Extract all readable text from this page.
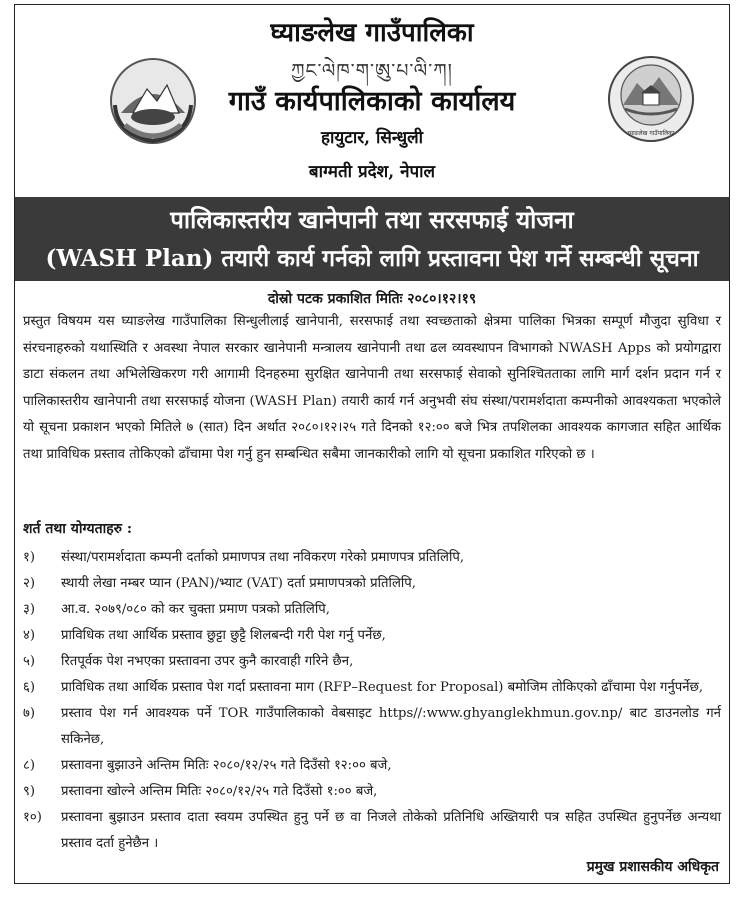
घ्याङलेख गाउँपालिका
घ्याङलेख गाउँपालिका
ཀྱང་ལེཁ་ག་ཨུ་པ་ལི་ཀ།
गाउँ कार्यपालिकाको कार्यालय
हायुटार, सिन्धुली
बाग्मती प्रदेश, नेपाल
पालिकास्तरीय खानेपानी तथा सरसफाई योजना
(WASH Plan) तयारी कार्य गर्नको लागि प्रस्तावना पेश गर्ने सम्बन्धी सूचना
दोस्रो पटक प्रकाशित मितिः २०८०।१२।१९
प्रस्तुत विषयम यस घ्याङलेख गाउँपालिका सिन्धुलीलाई खानेपानी, सरसफाई तथा स्वच्छताको क्षेत्रमा पालिका भित्रका सम्पूर्ण मौजुदा सुविधा र संरचनाहरुको यथास्थिति र अवस्था नेपाल सरकार खानेपानी मन्त्रालय खानेपानी तथा ढल व्यवस्थापन विभागको NWASH Apps को प्रयोगद्वारा डाटा संकलन तथा अभिलेखिकरण गरी आगामी दिनहरुमा सुरक्षित खानेपानी तथा सरसफाई सेवाको सुनिश्चितताका लागि मार्ग दर्शन प्रदान गर्न र पालिकास्तरीय खानेपानी तथा सरसफाई योजना (WASH Plan) तयारी कार्य गर्न अनुभवी संघ संस्था/परामर्शदाता कम्पनीको आवश्यकता भएकोले यो सूचना प्रकाशन भएको मितिले ७ (सात) दिन अर्थात २०८०।१२।२५ गते दिनको १२:०० बजे भित्र तपशिलका आवश्यक कागजात सहित आर्थिक तथा प्राविधिक प्रस्ताव तोकिएको ढाँचामा पेश गर्नु हुन सम्बन्धित सबैमा जानकारीको लागि यो सूचना प्रकाशित गरिएको छ ।
शर्त तथा योग्यताहरु :
१)	संस्था/परामर्शदाता कम्पनी दर्ताको प्रमाणपत्र तथा नविकरण गरेको प्रमाणपत्र प्रतिलिपि,
२)	स्थायी लेखा नम्बर प्यान (PAN)/भ्याट (VAT) दर्ता प्रमाणपत्रको प्रतिलिपि,
३)	आ.व. २०७९/०८० को कर चुक्ता प्रमाण पत्रको प्रतिलिपि,
४)	प्राविधिक तथा आर्थिक प्रस्ताव छुट्टा छुट्टै शिलबन्दी गरी पेश गर्नु पर्नेछ,
५)	रितपूर्वक पेश नभएका प्रस्तावना उपर कुनै कारवाही गरिने छैन,
६)	प्राविधिक तथा आर्थिक प्रस्ताव पेश गर्दा प्रस्तावना माग (RFP–Request for Proposal) बमोजिम तोकिएको ढाँचामा पेश गर्नुपर्नेछ,
७)	प्रस्ताव पेश गर्न आवश्यक पर्ने TOR गाउँपालिकाको वेबसाइट https//:www.ghyanglekhmun.gov.np/ बाट डाउनलोड गर्न सकिनेछ,
८)	प्रस्तावना बुझाउने अन्तिम मितिः २०८०/१२/२५ गते दिउँसो १२:०० बजे,
९)	प्रस्तावना खोल्ने अन्तिम मितिः २०८०/१२/२५ गते दिउँसो १:०० बजे,
१०)	प्रस्तावना बुझाउन प्रस्ताव दाता स्वयम उपस्थित हुनु पर्ने छ वा निजले तोकेको प्रतिनिधि अख्तियारी पत्र सहित उपस्थित हुनुपर्नेछ अन्यथा प्रस्ताव दर्ता हुनेछैन ।
प्रमुख प्रशासकीय अधिकृत
